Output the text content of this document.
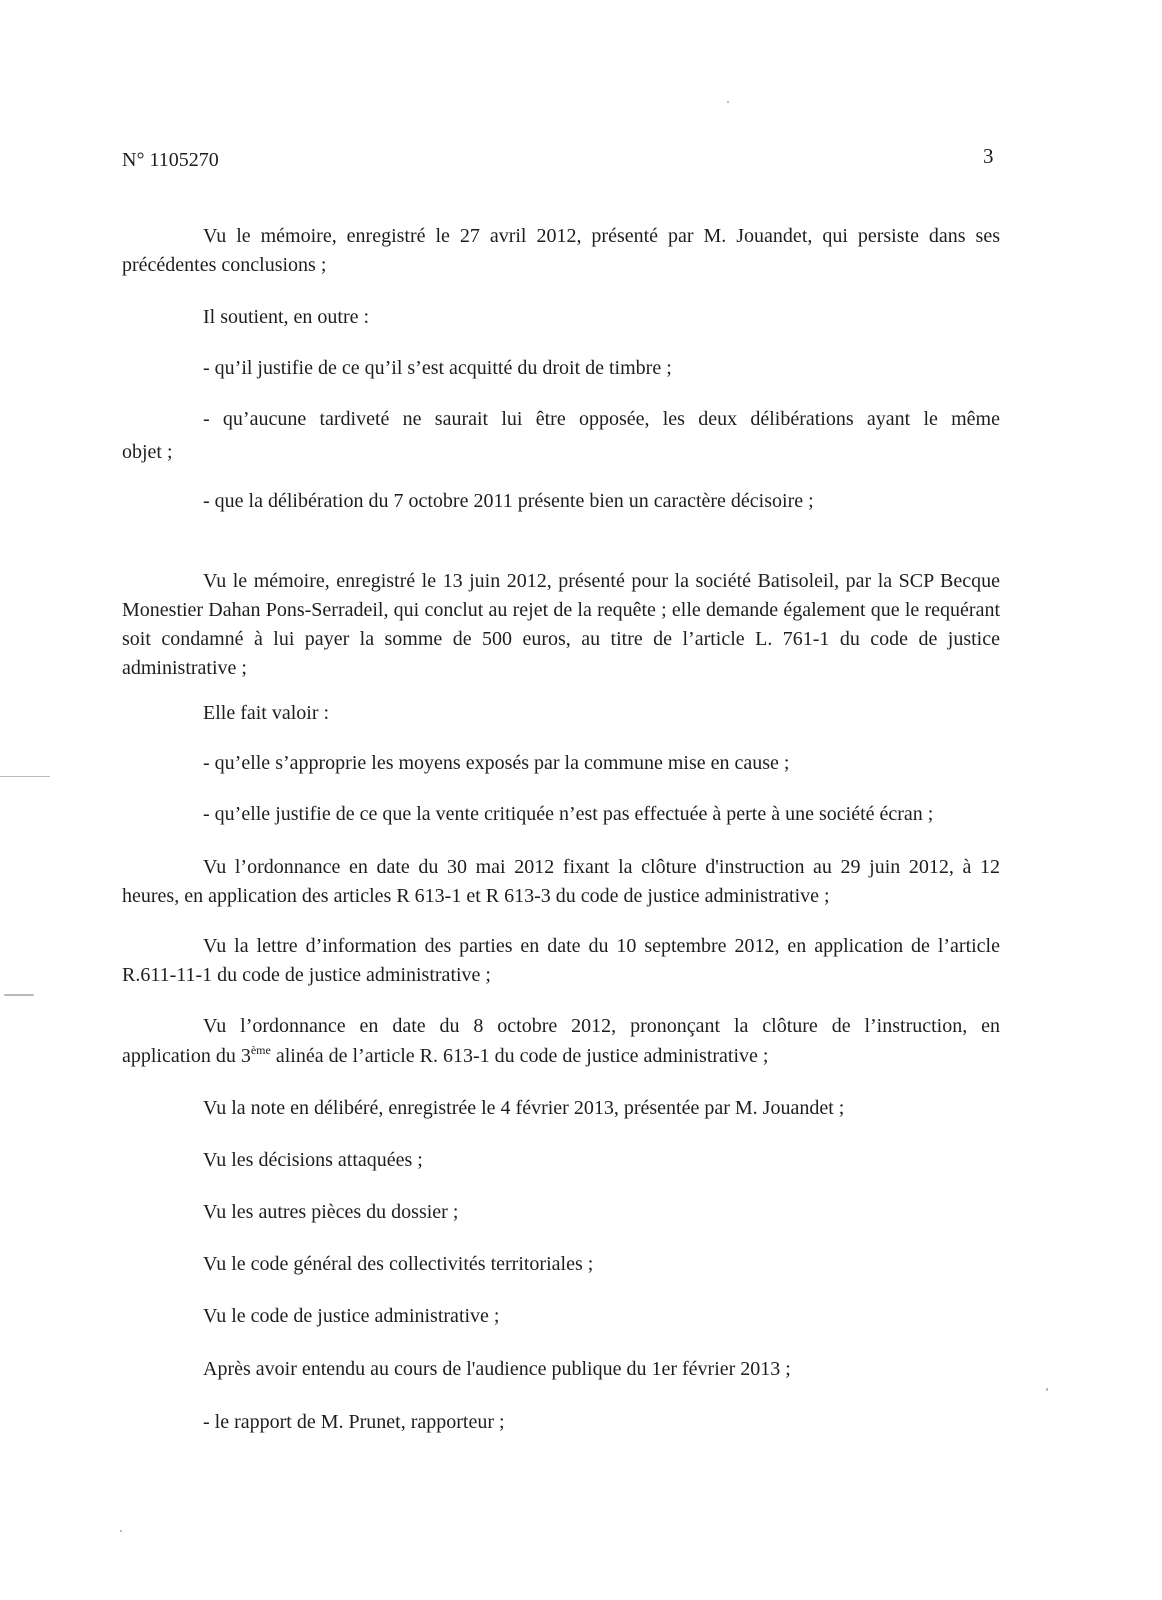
N° 1105270	3

Vu le mémoire, enregistré le 27 avril 2012, présenté par M. Jouandet, qui persiste dans ses précédentes conclusions ;

Il soutient, en outre :

- qu’il justifie de ce qu’il s’est acquitté du droit de timbre ;

- qu’aucune tardiveté ne saurait lui être opposée, les deux délibérations ayant le même

objet ;

- que la délibération du 7 octobre 2011 présente bien un caractère décisoire ;

Vu le mémoire, enregistré le 13 juin 2012, présenté pour la société Batisoleil, par la SCP Becque Monestier Dahan Pons-Serradeil, qui conclut au rejet de la requête ; elle demande également que le requérant soit condamné à lui payer la somme de 500 euros, au titre de l’article L. 761-1 du code de justice administrative ;

Elle fait valoir :

- qu’elle s’approprie les moyens exposés par la commune mise en cause ;

- qu’elle justifie de ce que la vente critiquée n’est pas effectuée à perte à une société écran ;

Vu l’ordonnance en date du 30 mai 2012 fixant la clôture d'instruction au 29 juin 2012, à 12 heures, en application des articles R 613-1 et R 613-3 du code de justice administrative ;

Vu la lettre d’information des parties en date du 10 septembre 2012, en application de l’article R.611-11-1 du code de justice administrative ;

Vu l’ordonnance en date du 8 octobre 2012, prononçant la clôture de l’instruction, en

application du 3ème alinéa de l’article R. 613-1 du code de justice administrative ;

Vu la note en délibéré, enregistrée le 4 février 2013, présentée par M. Jouandet ;

Vu les décisions attaquées ;

Vu les autres pièces du dossier ;

Vu le code général des collectivités territoriales ;

Vu le code de justice administrative ;

Après avoir entendu au cours de l'audience publique du 1er février 2013 ;

- le rapport de M. Prunet, rapporteur ;
